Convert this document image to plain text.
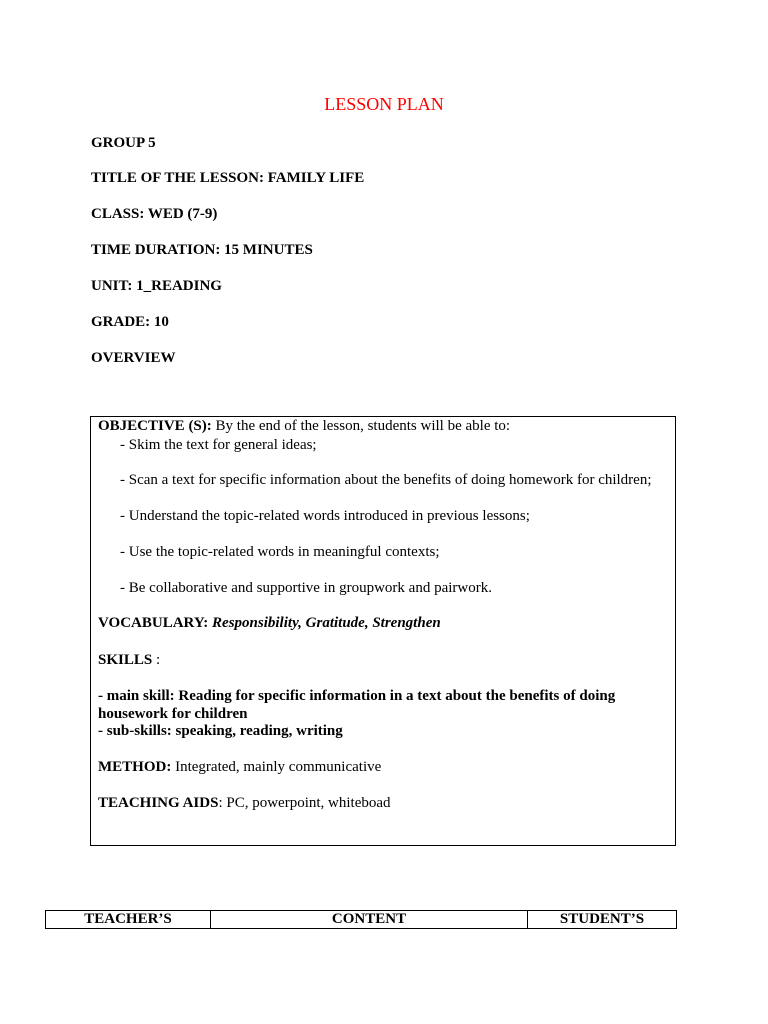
LESSON PLAN
GROUP 5
TITLE OF THE LESSON: FAMILY LIFE
CLASS: WED (7-9)
TIME DURATION: 15 MINUTES
UNIT: 1_READING
GRADE: 10
OVERVIEW
OBJECTIVE (S): By the end of the lesson, students will be able to:
- Skim the text for general ideas;
- Scan a text for specific information about the benefits of doing homework for children;
- Understand the topic-related words introduced in previous lessons;
- Use the topic-related words in meaningful contexts;
- Be collaborative and supportive in groupwork and pairwork.
VOCABULARY: Responsibility, Gratitude, Strengthen
SKILLS :
- main skill: Reading for specific information in a text about the benefits of doing
housework for children
- sub-skills: speaking, reading, writing
METHOD: Integrated, mainly communicative
TEACHING AIDS: PC, powerpoint, whiteboad
TEACHER’S	CONTENT	STUDENT’S
